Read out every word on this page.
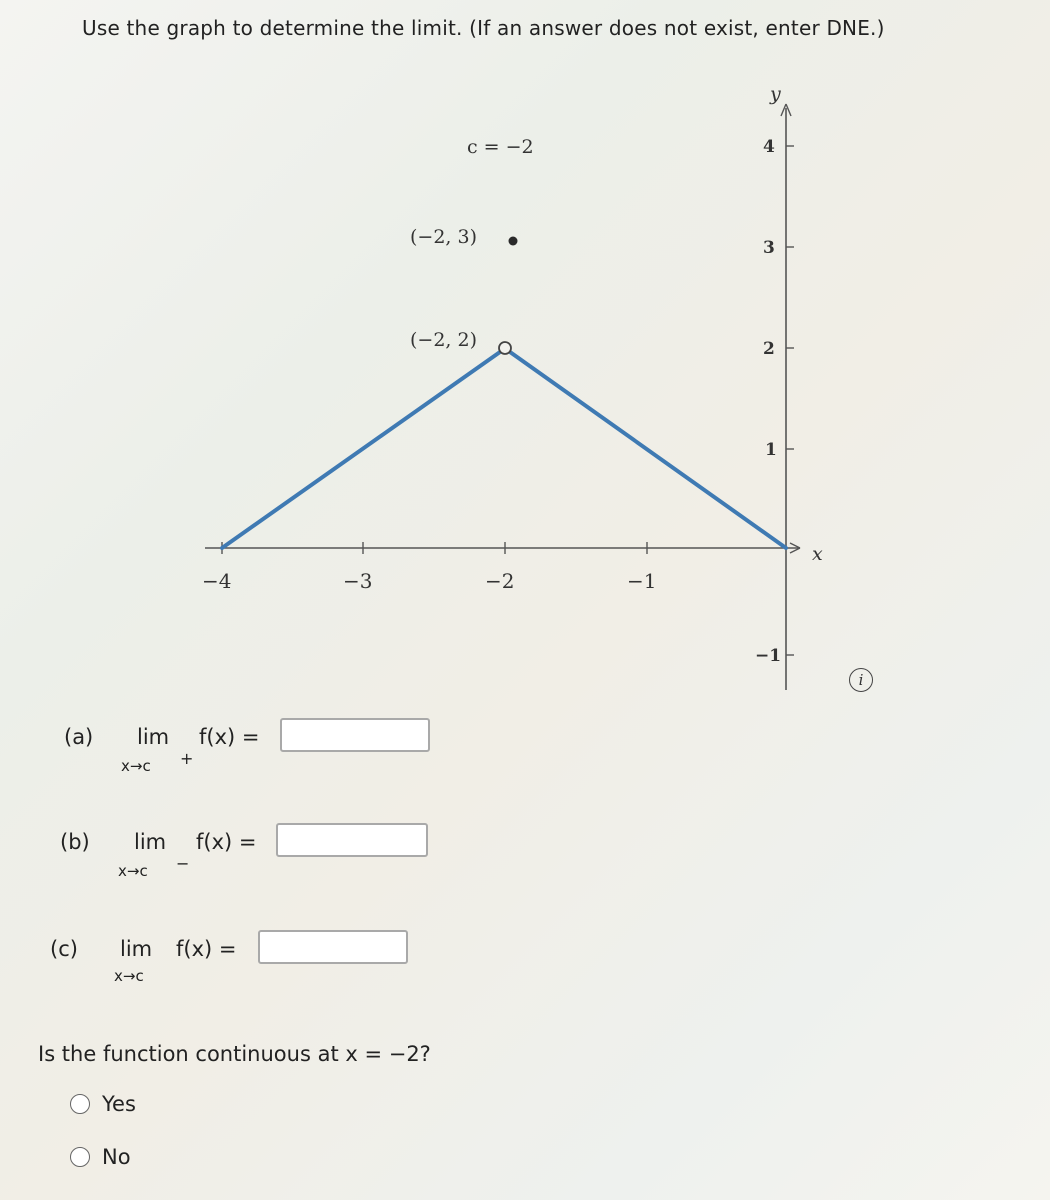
Use the graph to determine the limit. (If an answer does not exist, enter DNE.)
c = −2
(−2, 3)
(−2, 2)
−4	−3	−2	−1
4
3
2
1
−1
x
y
i
(a) lim
x→c +
f(x) =
(b) lim
x→c −
f(x) =
(c) lim
x→c
f(x) =
Is the function continuous at x = −2?
Yes
No
